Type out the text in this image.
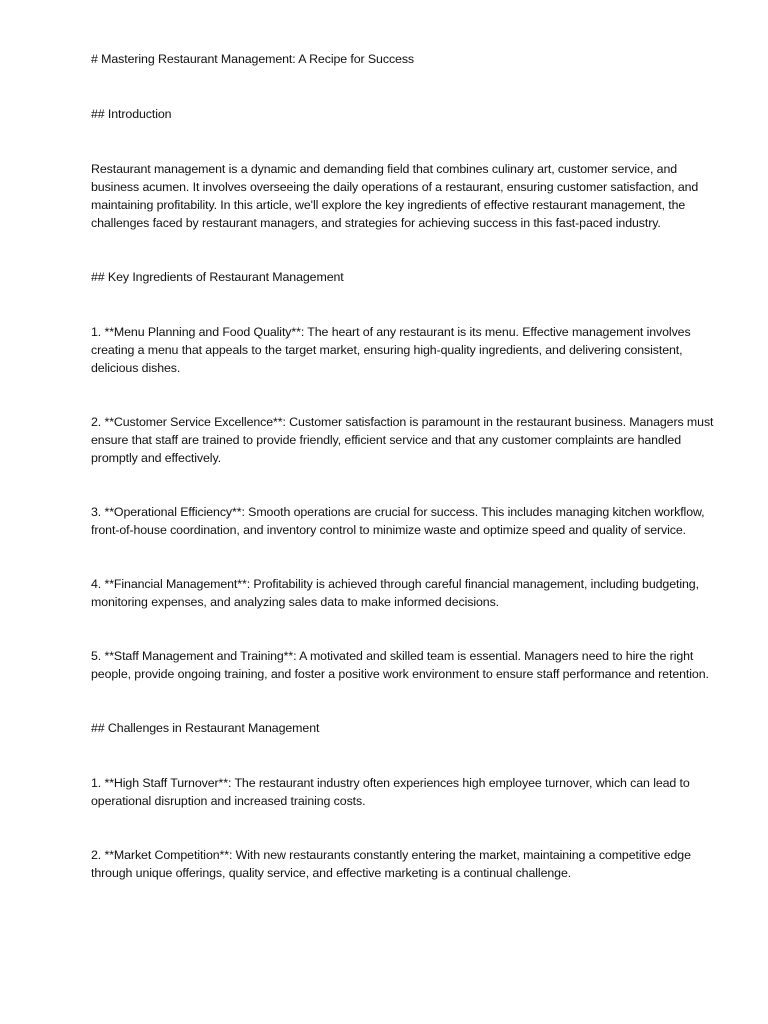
# Mastering Restaurant Management: A Recipe for Success

## Introduction

Restaurant management is a dynamic and demanding field that combines culinary art, customer service, and business acumen. It involves overseeing the daily operations of a restaurant, ensuring customer satisfaction, and maintaining profitability. In this article, we'll explore the key ingredients of effective restaurant management, the challenges faced by restaurant managers, and strategies for achieving success in this fast-paced industry.

## Key Ingredients of Restaurant Management

1. **Menu Planning and Food Quality**: The heart of any restaurant is its menu. Effective management involves creating a menu that appeals to the target market, ensuring high-quality ingredients, and delivering consistent, delicious dishes.

2. **Customer Service Excellence**: Customer satisfaction is paramount in the restaurant business. Managers must ensure that staff are trained to provide friendly, efficient service and that any customer complaints are handled promptly and effectively.

3. **Operational Efficiency**: Smooth operations are crucial for success. This includes managing kitchen workflow, front-of-house coordination, and inventory control to minimize waste and optimize speed and quality of service.

4. **Financial Management**: Profitability is achieved through careful financial management, including budgeting, monitoring expenses, and analyzing sales data to make informed decisions.

5. **Staff Management and Training**: A motivated and skilled team is essential. Managers need to hire the right people, provide ongoing training, and foster a positive work environment to ensure staff performance and retention.

## Challenges in Restaurant Management

1. **High Staff Turnover**: The restaurant industry often experiences high employee turnover, which can lead to operational disruption and increased training costs.

2. **Market Competition**: With new restaurants constantly entering the market, maintaining a competitive edge through unique offerings, quality service, and effective marketing is a continual challenge.
